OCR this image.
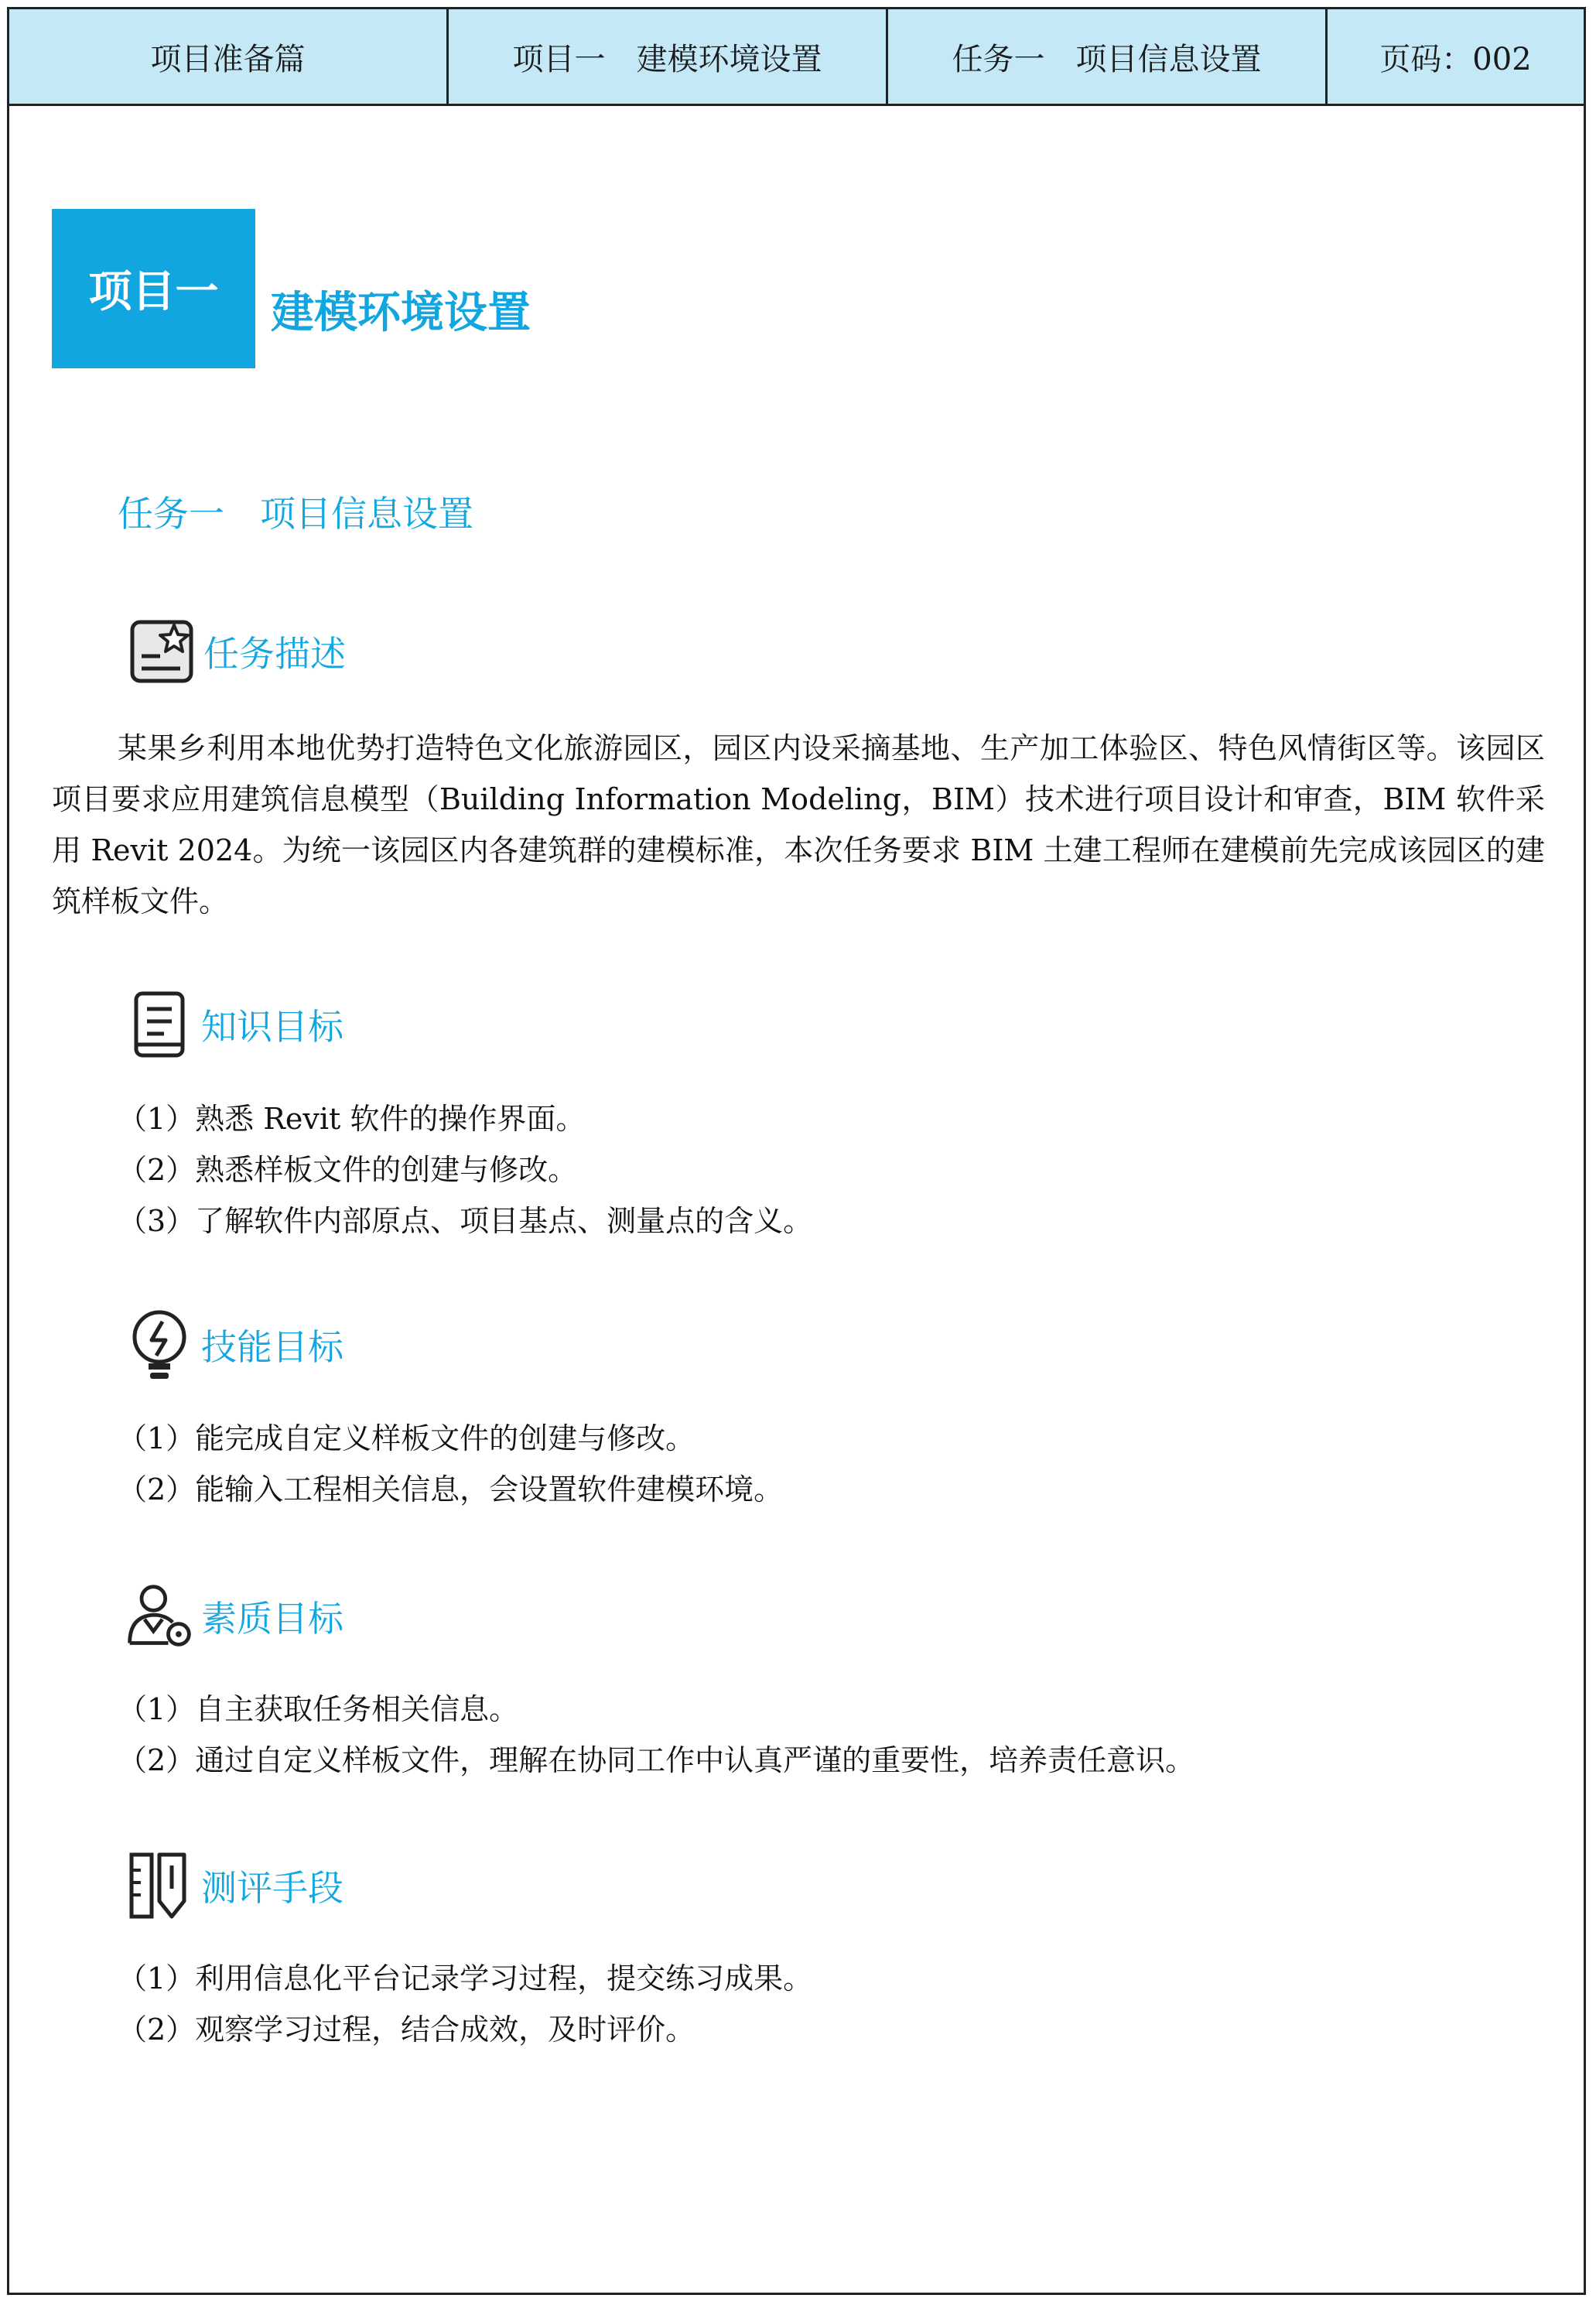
项目准备篇	项目一　建模环境设置	任务一　项目信息设置	页码：002
项目一	建模环境设置
任务一　项目信息设置
任务描述
某果乡利用本地优势打造特色文化旅游园区，园区内设采摘基地、生产加工体验区、特色风情街区等。该园区项目要求应用建筑信息模型（Building Information Modeling，BIM）技术进行项目设计和审查，BIM 软件采用 Revit 2024。为统一该园区内各建筑群的建模标准，本次任务要求 BIM 土建工程师在建模前先完成该园区的建筑样板文件。
知识目标
（1）熟悉 Revit 软件的操作界面。
（2）熟悉样板文件的创建与修改。
（3）了解软件内部原点、项目基点、测量点的含义。
技能目标
（1）能完成自定义样板文件的创建与修改。
（2）能输入工程相关信息，会设置软件建模环境。
素质目标
（1）自主获取任务相关信息。
（2）通过自定义样板文件，理解在协同工作中认真严谨的重要性，培养责任意识。
测评手段
（1）利用信息化平台记录学习过程，提交练习成果。
（2）观察学习过程，结合成效，及时评价。
